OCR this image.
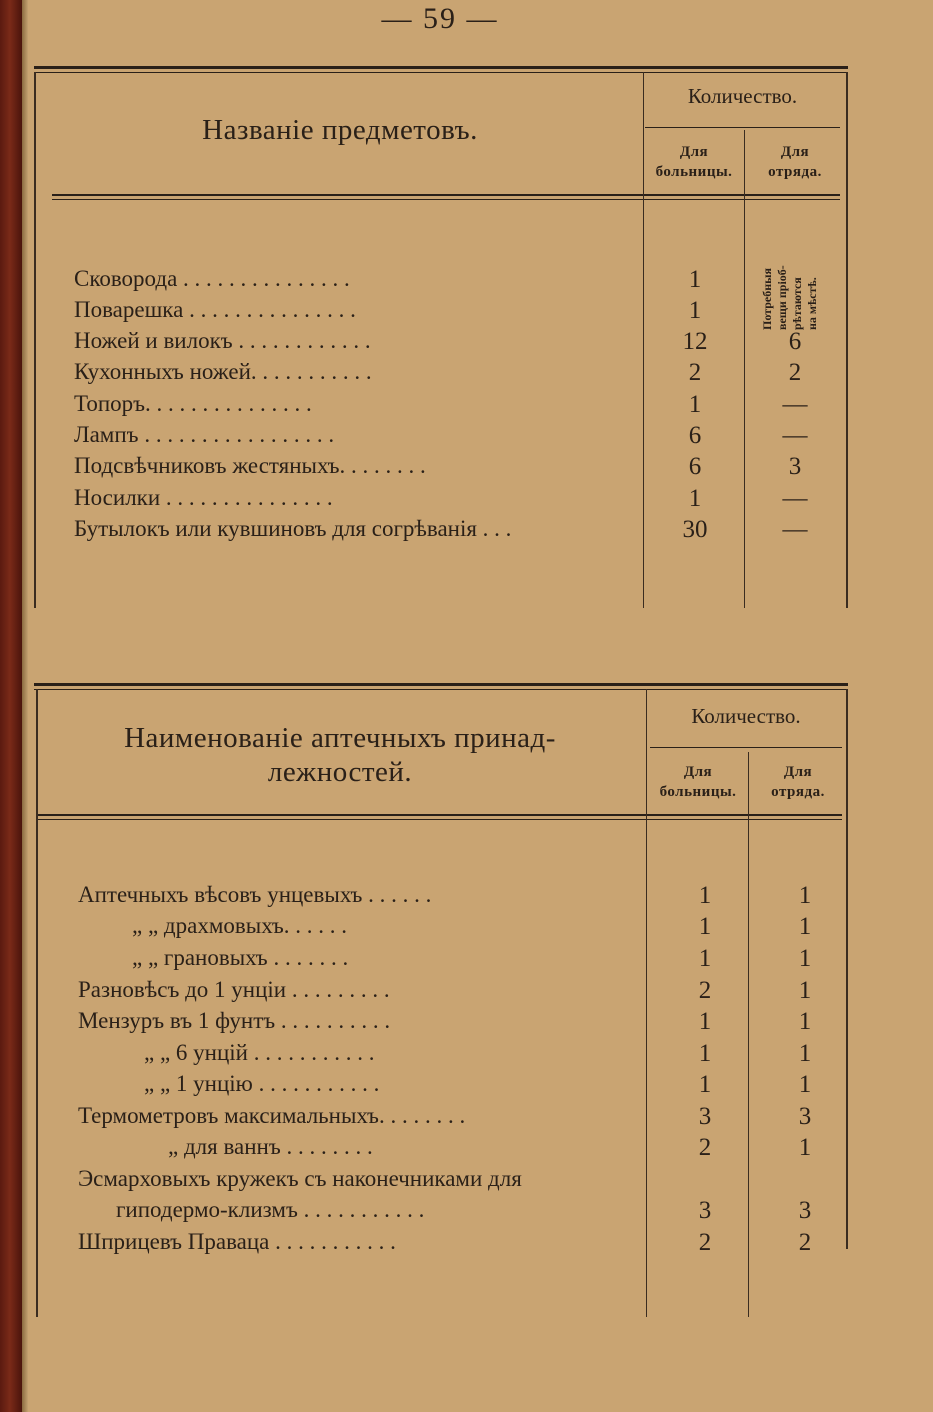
— 59 —
Названіе предметовъ.
Количество.
Для больницы.
Для отряда.
Потребныя вещи пріоб- рѣтаются на мѣстѣ.
Сковорода . . . . . . . . . . . . . . .	1
Поварешка . . . . . . . . . . . . . . .	1
Ножей и вилокъ . . . . . . . . . . . .	12	6
Кухонныхъ ножей. . . . . . . . . . .	2	2
Топоръ. . . . . . . . . . . . . . .	1	—
Лампъ . . . . . . . . . . . . . . . . .	6	—
Подсвѣчниковъ жестяныхъ. . . . . . . .	6	3
Носилки . . . . . . . . . . . . . . .	1	—
Бутылокъ или кувшиновъ для согрѣванія . . .	30	—
Наименованіе аптечныхъ принад-
лежностей.
Количество.
Для больницы.
Для отряда.
Аптечныхъ вѣсовъ унцевыхъ . . . . . .	1	1
„ „ драхмовыхъ. . . . . .	1	1
„ „ грановыхъ . . . . . . .	1	1
Разновѣсъ до 1 унціи . . . . . . . . .	2	1
Мензуръ въ 1 фунтъ . . . . . . . . . .	1	1
„ „ 6 унцій . . . . . . . . . . .	1	1
„ „ 1 унцію . . . . . . . . . . .	1	1
Термометровъ максимальныхъ. . . . . . . .	3	3
„ для ваннъ . . . . . . . .	2	1
Эсмарховыхъ кружекъ съ наконечниками для
гиподермо-клизмъ . . . . . . . . . . .	3	3
Шприцевъ Праваца . . . . . . . . . . .	2	2
